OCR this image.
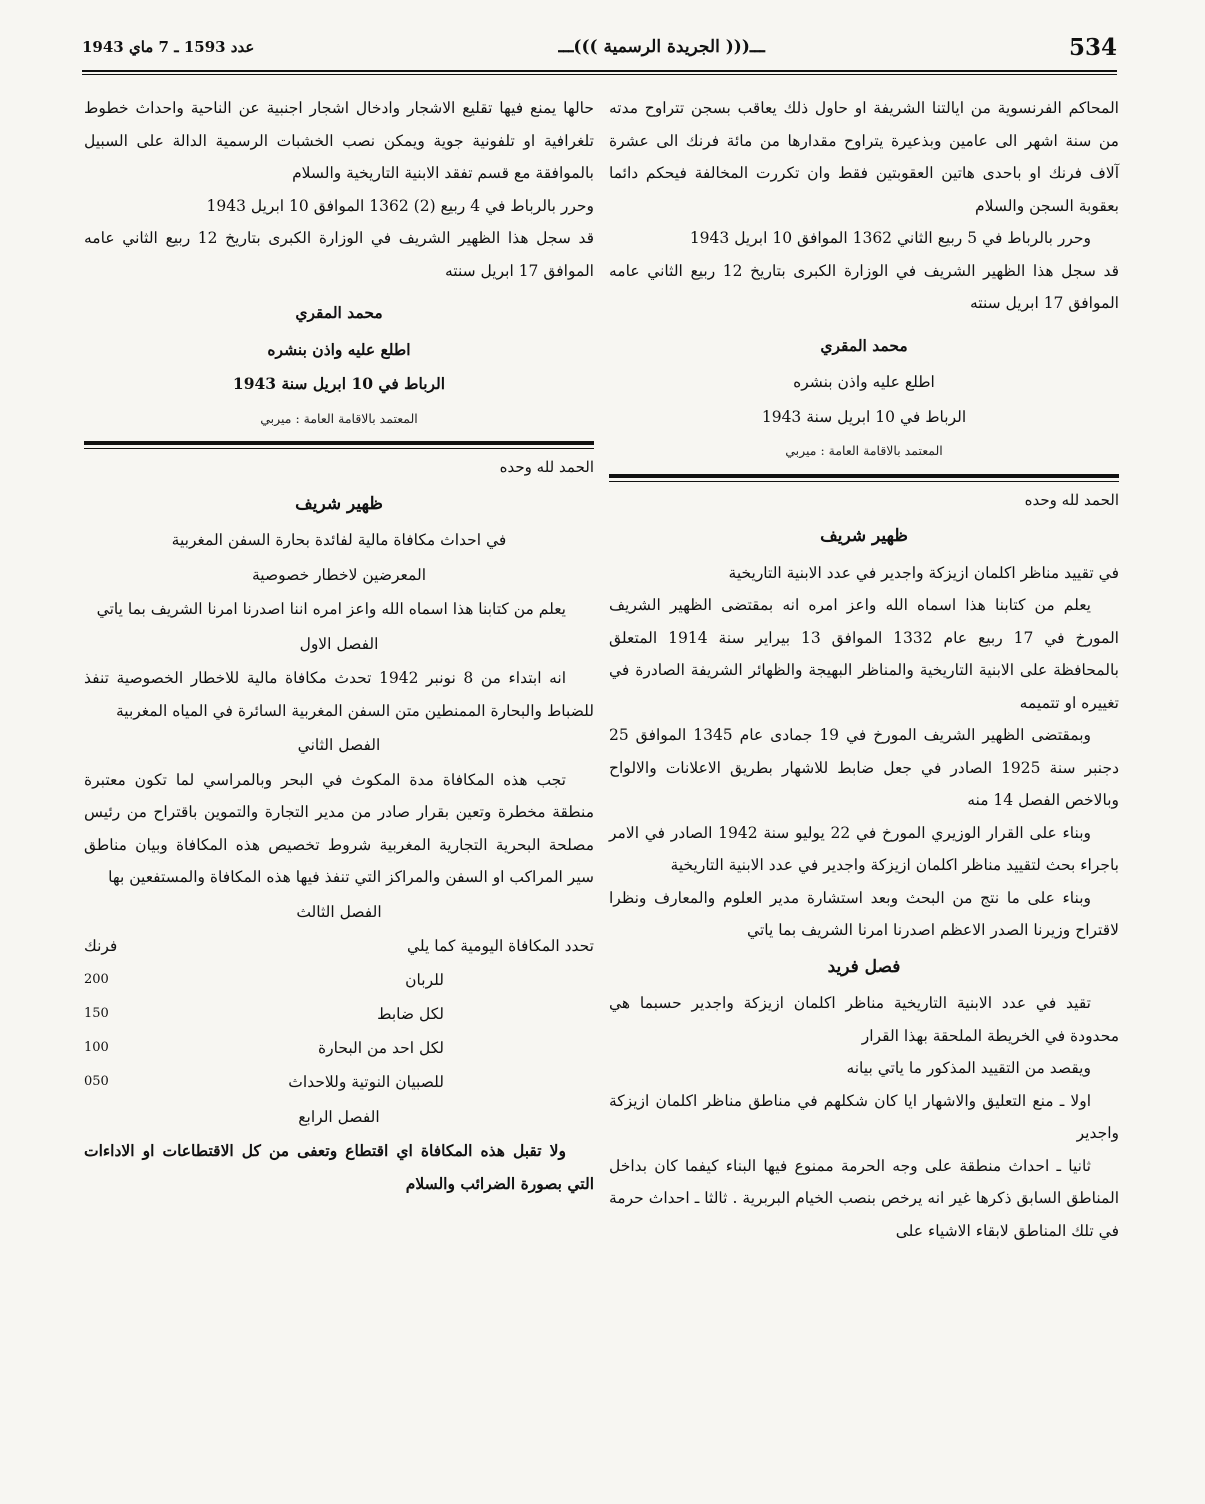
عدد 1593 ـ 7 ماي 1943	ـــ((( الجريدة الرسمية )))ـــ	534

المحاكم الفرنسوية من ايالتنا الشريفة او حاول ذلك يعاقب بسجن تتراوح مدته من سنة اشهر الى عامين وبذعيرة يتراوح مقدارها من مائة فرنك الى عشرة آلاف فرنك او باحدى هاتين العقوبتين فقط وان تكررت المخالفة فيحكم دائما بعقوبة السجن والسلام

وحرر بالرباط في 5 ربيع الثاني 1362 الموافق 10 ابريل 1943

قد سجل هذا الظهير الشريف في الوزارة الكبرى بتاريخ 12 ربيع الثاني عامه الموافق 17 ابريل سنته

محمد المقري
اطلع عليه واذن بنشره
الرباط في 10 ابريل سنة 1943
المعتمد بالاقامة العامة : ميربي
الحمد لله وحده
ظهير شريف

في تقييد مناظر اكلمان ازيزكة واجدير في عدد الابنية التاريخية

يعلم من كتابنا هذا اسماه الله واعز امره انه بمقتضى الظهير الشريف المورخ في 17 ربيع عام 1332 الموافق 13 بيراير سنة 1914 المتعلق بالمحافظة على الابنية التاريخية والمناظر البهيجة والظهائر الشريفة الصادرة في تغييره او تتميمه

وبمقتضى الظهير الشريف المورخ في 19 جمادى عام 1345 الموافق 25 دجنبر سنة 1925 الصادر في جعل ضابط للاشهار بطريق الاعلانات والالواح وبالاخص الفصل 14 منه

وبناء على القرار الوزيري المورخ في 22 يوليو سنة 1942 الصادر في الامر باجراء بحث لتقييد مناظر اكلمان ازيزكة واجدير في عدد الابنية التاريخية

وبناء على ما نتج من البحث وبعد استشارة مدير العلوم والمعارف ونظرا لاقتراح وزيرنا الصدر الاعظم اصدرنا امرنا الشريف بما ياتي

فصل فريد

تقيد في عدد الابنية التاريخية مناظر اكلمان ازيزكة واجدير حسبما هي محدودة في الخريطة الملحقة بهذا القرار

ويقصد من التقييد المذكور ما ياتي بيانه

اولا ـ منع التعليق والاشهار ايا كان شكلهم في مناطق مناظر اكلمان ازيزكة واجدير

ثانيا ـ احداث منطقة على وجه الحرمة ممنوع فيها البناء كيفما كان بداخل المناطق السابق ذكرها غير انه يرخص بنصب الخيام البربرية . ثالثا ـ احداث حرمة في تلك المناطق لابقاء الاشياء على

حالها يمنع فيها تقليع الاشجار وادخال اشجار اجنبية عن الناحية واحداث خطوط تلغرافية او تلفونية جوية ويمكن نصب الخشبات الرسمية الدالة على السبيل بالموافقة مع قسم تفقد الابنية التاريخية والسلام

وحرر بالرباط في 4 ربيع (2) 1362 الموافق 10 ابريل 1943

قد سجل هذا الظهير الشريف في الوزارة الكبرى بتاريخ 12 ربيع الثاني عامه الموافق 17 ابريل سنته

محمد المقري
اطلع عليه واذن بنشره
الرباط في 10 ابريل سنة 1943
المعتمد بالاقامة العامة : ميربي
الحمد لله وحده
ظهير شريف
في احداث مكافاة مالية لفائدة بحارة السفن المغربية
المعرضين لاخطار خصوصية

يعلم من كتابنا هذا اسماه الله واعز امره اننا اصدرنا امرنا الشريف بما ياتي

الفصل الاول

انه ابتداء من 8 نونبر 1942 تحدث مكافاة مالية للاخطار الخصوصية تنفذ للضباط والبحارة الممنطين متن السفن المغربية السائرة في المياه المغربية

الفصل الثاني

تجب هذه المكافاة مدة المكوث في البحر وبالمراسي لما تكون معتبرة منطقة مخطرة وتعين بقرار صادر من مدير التجارة والتموين باقتراح من رئيس مصلحة البحرية التجارية المغربية شروط تخصيص هذه المكافاة وبيان مناطق سير المراكب او السفن والمراكز التي تنفذ فيها هذه المكافاة والمستفعين بها

الفصل الثالث
تحدد المكافاة اليومية كما يلي
فرنك
للربان
200
لكل ضابط
150
لكل احد من البحارة
100
للصبيان النوتية وللاحداث
050
الفصل الرابع

ولا تقبل هذه المكافاة اي اقتطاع وتعفى من كل الاقتطاعات او الاداءات التي بصورة الضرائب والسلام
